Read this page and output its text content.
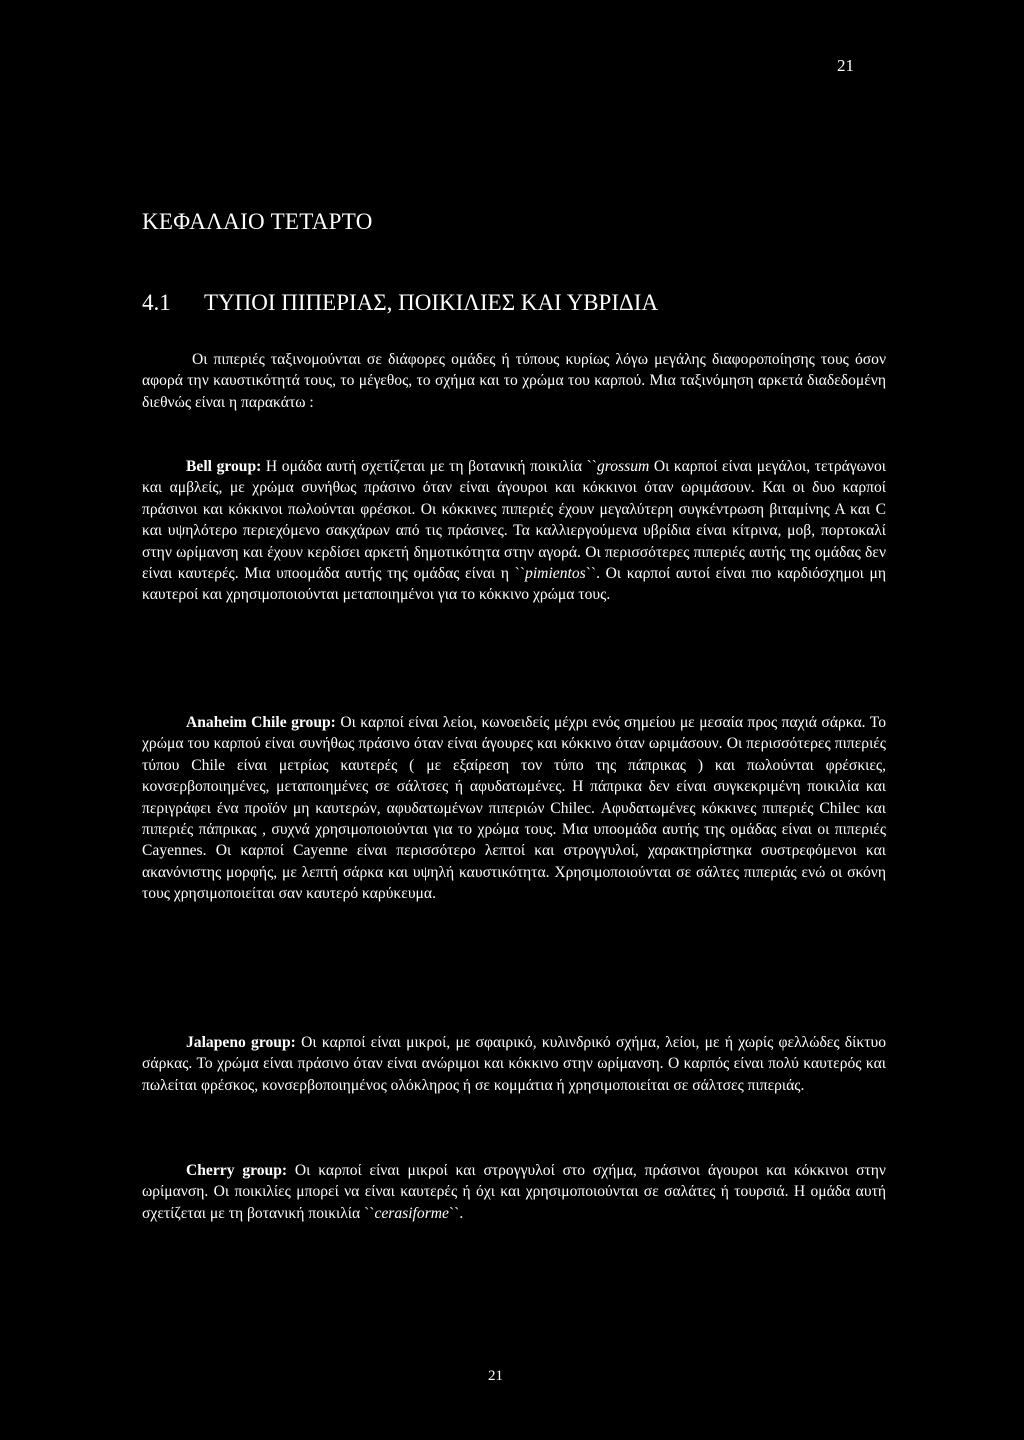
21
ΚΕΦΑΛΑΙΟ ΤΕΤΑΡΤΟ
4.1 ΤΥΠΟΙ ΠΙΠΕΡΙΑΣ, ΠΟΙΚΙΛΙΕΣ ΚΑΙ ΥΒΡΙΔΙΑ

Οι πιπεριές ταξινομούνται σε διάφορες ομάδες ή τύπους κυρίως λόγω μεγάλης διαφοροποίησης τους όσον αφορά την καυστικότητά τους, το μέγεθος, το σχήμα και το χρώμα του καρπού. Μια ταξινόμηση αρκετά διαδεδομένη διεθνώς είναι η παρακάτω :

Bell group: Η ομάδα αυτή σχετίζεται με τη βοτανική ποικιλία ``grossum Οι καρποί είναι μεγάλοι, τετράγωνοι και αμβλείς, με χρώμα συνήθως πράσινο όταν είναι άγουροι και κόκκινοι όταν ωριμάσουν. Και οι δυο καρποί πράσινοι και κόκκινοι πωλούνται φρέσκοι. Οι κόκκινες πιπεριές έχουν μεγαλύτερη συγκέντρωση βιταμίνης Α και C και υψηλότερο περιεχόμενο σακχάρων από τις πράσινες. Τα καλλιεργούμενα υβρίδια είναι κίτρινα, μοβ, πορτοκαλί στην ωρίμανση και έχουν κερδίσει αρκετή δημοτικότητα στην αγορά. Οι περισσότερες πιπεριές αυτής της ομάδας δεν είναι καυτερές. Μια υποομάδα αυτής της ομάδας είναι η ``pimientos``. Οι καρποί αυτοί είναι πιο καρδιόσχημοι μη καυτεροί και χρησιμοποιούνται μεταποιημένοι για το κόκκινο χρώμα τους.

Anaheim Chile group: Οι καρποί είναι λείοι, κωνοειδείς μέχρι ενός σημείου με μεσαία προς παχιά σάρκα. Το χρώμα του καρπού είναι συνήθως πράσινο όταν είναι άγουρες και κόκκινο όταν ωριμάσουν. Οι περισσότερες πιπεριές τύπου Chile είναι μετρίως καυτερές ( με εξαίρεση τον τύπο της πάπρικας ) και πωλούνται φρέσκιες, κονσερβοποιημένες, μεταποιημένες σε σάλτσες ή αφυδατωμένες. Η πάπρικα δεν είναι συγκεκριμένη ποικιλία και περιγράφει ένα προϊόν μη καυτερών, αφυδατωμένων πιπεριών Chilec. Αφυδατωμένες κόκκινες πιπεριές Chilec και πιπεριές πάπρικας , συχνά χρησιμοποιούνται για το χρώμα τους. Μια υποομάδα αυτής της ομάδας είναι οι πιπεριές Cayennes. Οι καρποί Cayenne είναι περισσότερο λεπτοί και στρογγυλοί, χαρακτηρίστηκα συστρεφόμενοι και ακανόνιστης μορφής, με λεπτή σάρκα και υψηλή καυστικότητα. Χρησιμοποιούνται σε σάλτες πιπεριάς ενώ οι σκόνη τους χρησιμοποιείται σαν καυτερό καρύκευμα.

Jalapeno group: Οι καρποί είναι μικροί, με σφαιρικό, κυλινδρικό σχήμα, λείοι, με ή χωρίς φελλώδες δίκτυο σάρκας. Το χρώμα είναι πράσινο όταν είναι ανώριμοι και κόκκινο στην ωρίμανση. Ο καρπός είναι πολύ καυτερός και πωλείται φρέσκος, κονσερβοποιημένος ολόκληρος ή σε κομμάτια ή χρησιμοποιείται σε σάλτσες πιπεριάς.

Cherry group: Οι καρποί είναι μικροί και στρογγυλοί στο σχήμα, πράσινοι άγουροι και κόκκινοι στην ωρίμανση. Οι ποικιλίες μπορεί να είναι καυτερές ή όχι και χρησιμοποιούνται σε σαλάτες ή τουρσιά. Η ομάδα αυτή σχετίζεται με τη βοτανική ποικιλία ``cerasiforme``.

21
